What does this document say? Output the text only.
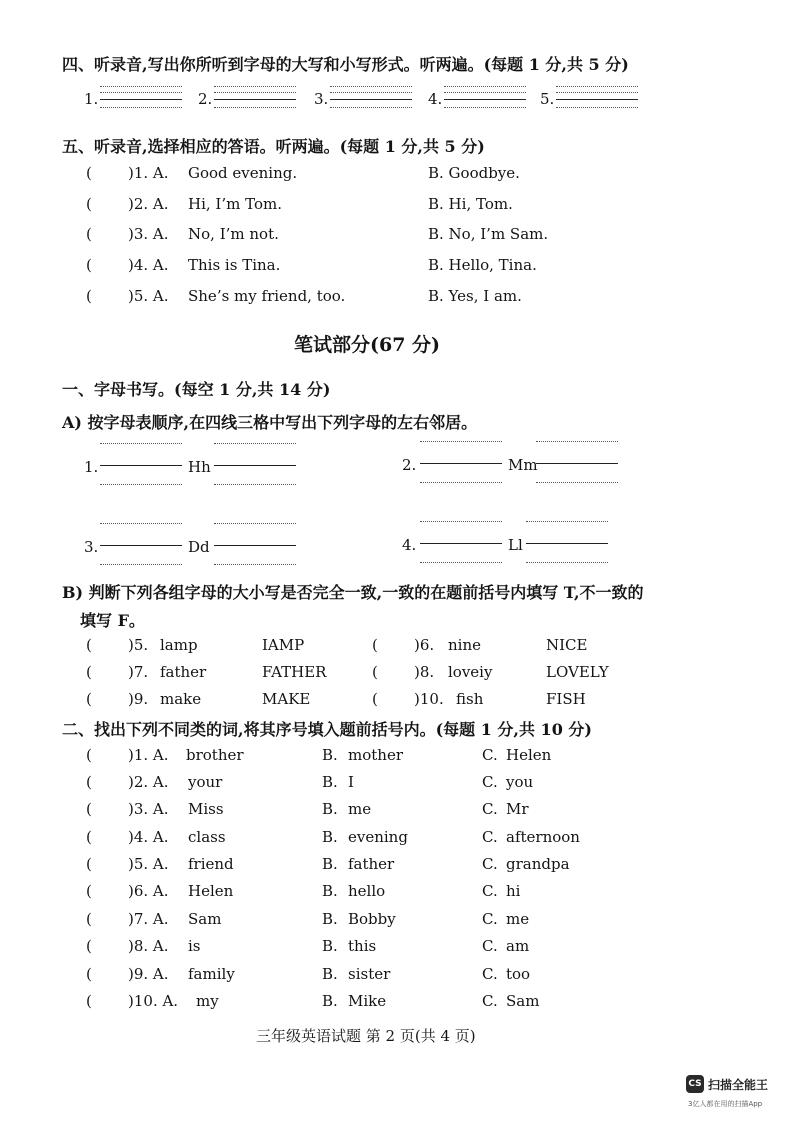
四、听录音,写出你所听到字母的大写和小写形式。听两遍。(每题 1 分,共 5 分)
1.	2.	3.	4.	5.
五、听录音,选择相应的答语。听两遍。(每题 1 分,共 5 分)
( )1. A. Good evening.	B. Goodbye.
( )2. A. Hi, I’m Tom.	B. Hi, Tom.
( )3. A. No, I’m not.	B. No, I’m Sam.
( )4. A. This is Tina.	B. Hello, Tina.
( )5. A. She’s my friend, too.	B. Yes, I am.
笔试部分(67 分)
一、字母书写。(每空 1 分,共 14 分)
A) 按字母表顺序,在四线三格中写出下列字母的左右邻居。
1.	Hh	2.	Mm
3.	Dd	4.	Ll
B) 判断下列各组字母的大小写是否完全一致,一致的在题前括号内填写 T,不一致的
填写 F。
( )5. lamp	IAMP	( )6. nine	NICE
( )7. father	FATHER	( )8. loveiy	LOVELY
( )9. make	MAKE	( )10. fish	FISH
二、找出下列不同类的词,将其序号填入题前括号内。(每题 1 分,共 10 分)
( )1. A. brother	B. mother	C. Helen
( )2. A. your	B. I	C. you
( )3. A. Miss	B. me	C. Mr
( )4. A. class	B. evening	C. afternoon
( )5. A. friend	B. father	C. grandpa
( )6. A. Helen	B. hello	C. hi
( )7. A. Sam	B. Bobby	C. me
( )8. A. is	B. this	C. am
( )9. A. family	B. sister	C. too
( )10. A. my	B. Mike	C. Sam
三年级英语试题 第 2 页(共 4 页)
CS 扫描全能王
3亿人都在用的扫描App
